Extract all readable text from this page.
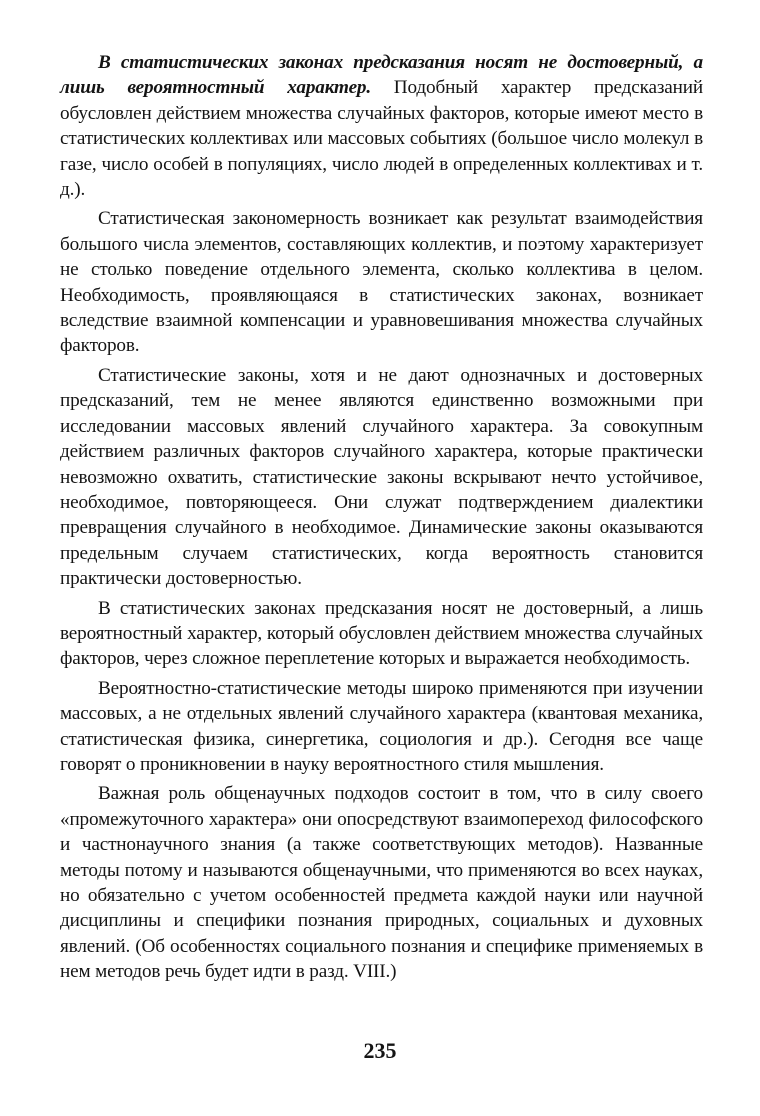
В статистических законах предсказания носят не достоверный, а лишь вероятностный характер. Подобный характер предсказаний обусловлен действием множества случайных факторов, которые имеют место в статистических коллективах или массовых событиях (большое число молекул в газе, число особей в популяциях, число людей в определенных коллективах и т. д.).

Статистическая закономерность возникает как результат взаимодействия большого числа элементов, составляющих коллектив, и поэтому характеризует не столько поведение отдельного элемента, сколько коллектива в целом. Необходимость, проявляющаяся в статистических законах, возникает вследствие взаимной компенсации и уравновешивания множества случайных факторов.

Статистические законы, хотя и не дают однозначных и достоверных предсказаний, тем не менее являются единственно возможными при исследовании массовых явлений случайного характера. За совокупным действием различных факторов случайного характера, которые практически невозможно охватить, статистические законы вскрывают нечто устойчивое, необходимое, повторяющееся. Они служат подтверждением диалектики превращения случайного в необходимое. Динамические законы оказываются предельным случаем статистических, когда вероятность становится практически достоверностью.

В статистических законах предсказания носят не достоверный, а лишь вероятностный характер, который обусловлен действием множества случайных факторов, через сложное переплетение которых и выражается необходимость.

Вероятностно-статистические методы широко применяются при изучении массовых, а не отдельных явлений случайного характера (квантовая механика, статистическая физика, синергетика, социология и др.). Сегодня все чаще говорят о проникновении в науку вероятностного стиля мышления.

Важная роль общенаучных подходов состоит в том, что в силу своего «промежуточного характера» они опосредствуют взаимопереход философского и частнонаучного знания (а также соответствующих методов). Названные методы потому и называются общенаучными, что применяются во всех науках, но обязательно с учетом особенностей предмета каждой науки или научной дисциплины и специфики познания природных, социальных и духовных явлений. (Об особенностях социального познания и специфике применяемых в нем методов речь будет идти в разд. VIII.)

235
